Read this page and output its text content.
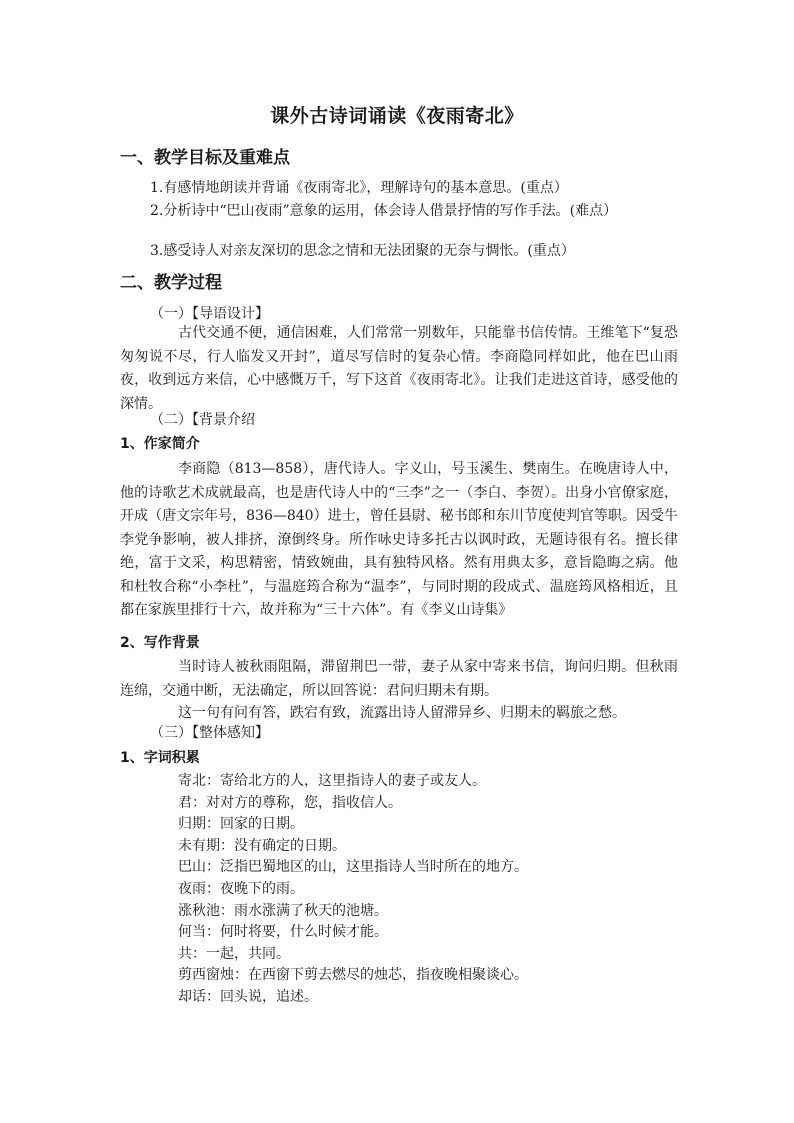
课外古诗词诵读《夜雨寄北》
一、教学目标及重难点
1.有感情地朗读并背诵《夜雨寄北》，理解诗句的基本意思。(重点）
2.分析诗中“巴山夜雨”意象的运用，体会诗人借景抒情的写作手法。(难点）
3.感受诗人对亲友深切的思念之情和无法团聚的无奈与惆怅。(重点）
二、教学过程
（一）【导语设计】
古代交通不便，通信困难，人们常常一别数年，只能靠书信传情。王维笔下“复恐匆匆说不尽，行人临发又开封”，道尽写信时的复杂心情。李商隐同样如此，他在巴山雨夜，收到远方来信，心中感慨万千，写下这首《夜雨寄北》。让我们走进这首诗，感受他的深情。
（二）【背景介绍
1、作家简介
李商隐（813—858），唐代诗人。字义山，号玉溪生、樊南生。在晚唐诗人中，他的诗歌艺术成就最高，也是唐代诗人中的“三李”之一（李白、李贺）。出身小官僚家庭，开成（唐文宗年号，836—840）进士，曾任县尉、秘书郎和东川节度使判官等职。因受牛李党争影响，被人排挤，潦倒终身。所作咏史诗多托古以讽时政，无题诗很有名。擅长律绝，富于文采，构思精密，情致婉曲，具有独特风格。然有用典太多，意旨隐晦之病。他和杜牧合称“小李杜”，与温庭筠合称为“温李”，与同时期的段成式、温庭筠风格相近，且都在家族里排行十六，故并称为“三十六体”。有《李义山诗集》
2、写作背景
当时诗人被秋雨阻隔，滞留荆巴一带，妻子从家中寄来书信，询问归期。但秋雨连绵，交通中断，无法确定，所以回答说：君问归期未有期。
这一句有问有答，跌宕有致，流露出诗人留滞异乡、归期未的羁旅之愁。
（三）【整体感知】
1、字词积累
寄北：寄给北方的人，这里指诗人的妻子或友人。
君：对对方的尊称，您，指收信人。
归期：回家的日期。
未有期：没有确定的日期。
巴山：泛指巴蜀地区的山，这里指诗人当时所在的地方。
夜雨：夜晚下的雨。
涨秋池：雨水涨满了秋天的池塘。
何当：何时将要，什么时候才能。
共：一起，共同。
剪西窗烛：在西窗下剪去燃尽的烛芯，指夜晚相聚谈心。
却话：回头说，追述。
